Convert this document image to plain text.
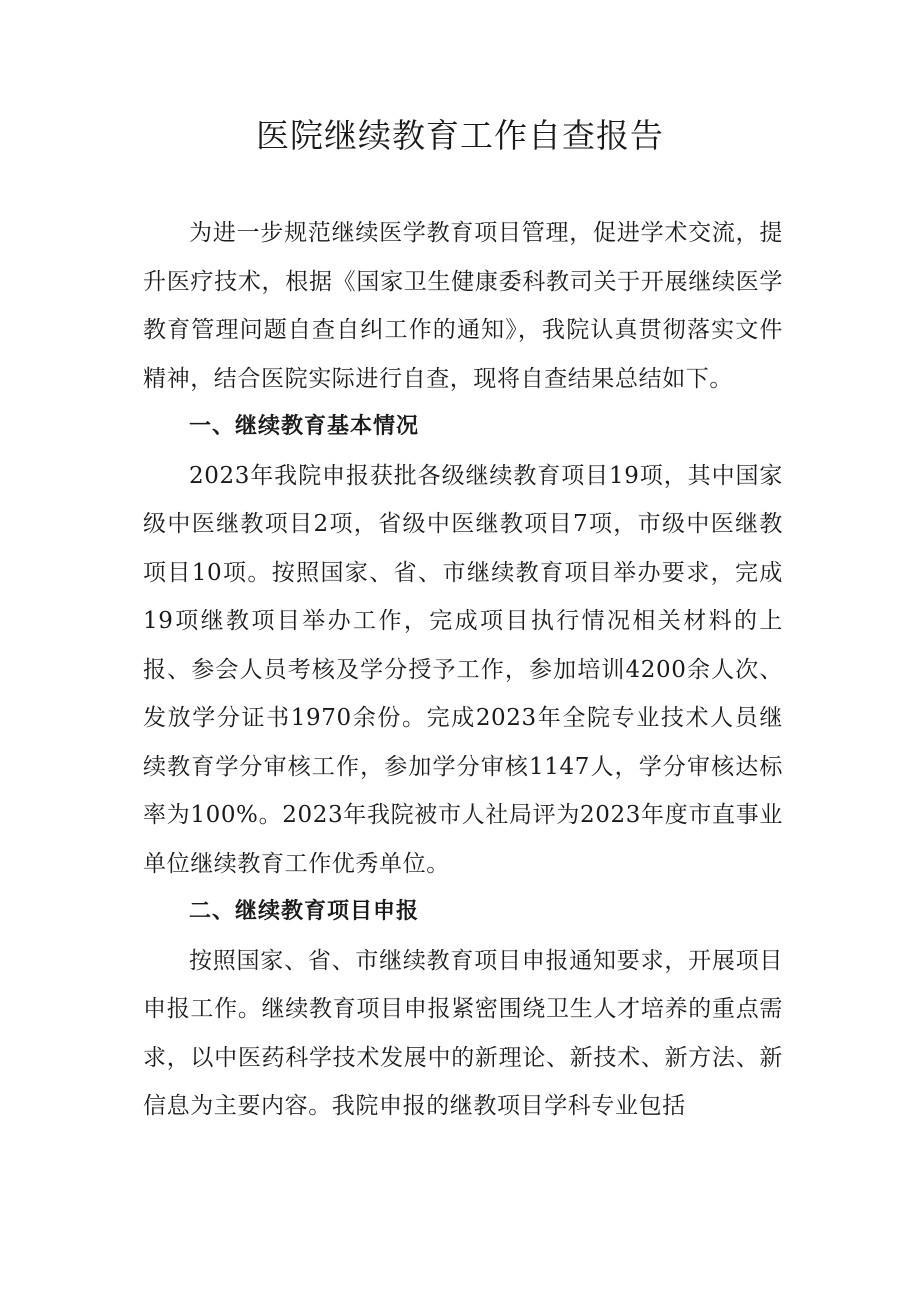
医院继续教育工作自查报告

为进一步规范继续医学教育项目管理，促进学术交流，提升医疗技术，根据《国家卫生健康委科教司关于开展继续医学教育管理问题自查自纠工作的通知》，我院认真贯彻落实文件精神，结合医院实际进行自查，现将自查结果总结如下。

一、继续教育基本情况

2023年我院申报获批各级继续教育项目19项，其中国家级中医继教项目2项，省级中医继教项目7项，市级中医继教项目10项。按照国家、省、市继续教育项目举办要求，完成19项继教项目举办工作，完成项目执行情况相关材料的上报、参会人员考核及学分授予工作，参加培训4200余人次、发放学分证书1970余份。完成2023年全院专业技术人员继续教育学分审核工作，参加学分审核1147人，学分审核达标率为100%。2023年我院被市人社局评为2023年度市直事业单位继续教育工作优秀单位。

二、继续教育项目申报

按照国家、省、市继续教育项目申报通知要求，开展项目申报工作。继续教育项目申报紧密围绕卫生人才培养的重点需求，以中医药科学技术发展中的新理论、新技术、新方法、新信息为主要内容。我院申报的继教项目学科专业包括
